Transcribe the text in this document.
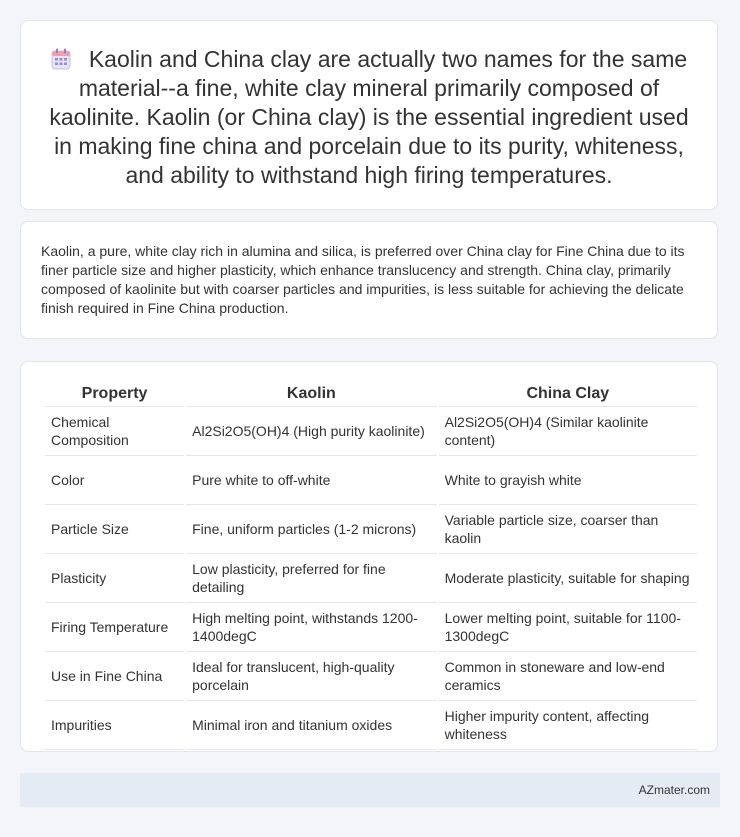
Kaolin and China clay are actually two names for the same material--a fine, white clay mineral primarily composed of kaolinite. Kaolin (or China clay) is the essential ingredient used in making fine china and porcelain due to its purity, whiteness, and ability to withstand high firing temperatures.

Kaolin, a pure, white clay rich in alumina and silica, is preferred over China clay for Fine China due to its finer particle size and higher plasticity, which enhance translucency and strength. China clay, primarily composed of kaolinite but with coarser particles and impurities, is less suitable for achieving the delicate finish required in Fine China production.

Property	Kaolin	China Clay
Chemical Composition	Al2Si2O5(OH)4 (High purity kaolinite)	Al2Si2O5(OH)4 (Similar kaolinite content)
Color	Pure white to off-white	White to grayish white
Particle Size	Fine, uniform particles (1-2 microns)	Variable particle size, coarser than kaolin
Plasticity	Low plasticity, preferred for fine detailing	Moderate plasticity, suitable for shaping
Firing Temperature	High melting point, withstands 1200-1400degC	Lower melting point, suitable for 1100-1300degC
Use in Fine China	Ideal for translucent, high-quality porcelain	Common in stoneware and low-end ceramics
Impurities	Minimal iron and titanium oxides	Higher impurity content, affecting whiteness
AZmater.com
